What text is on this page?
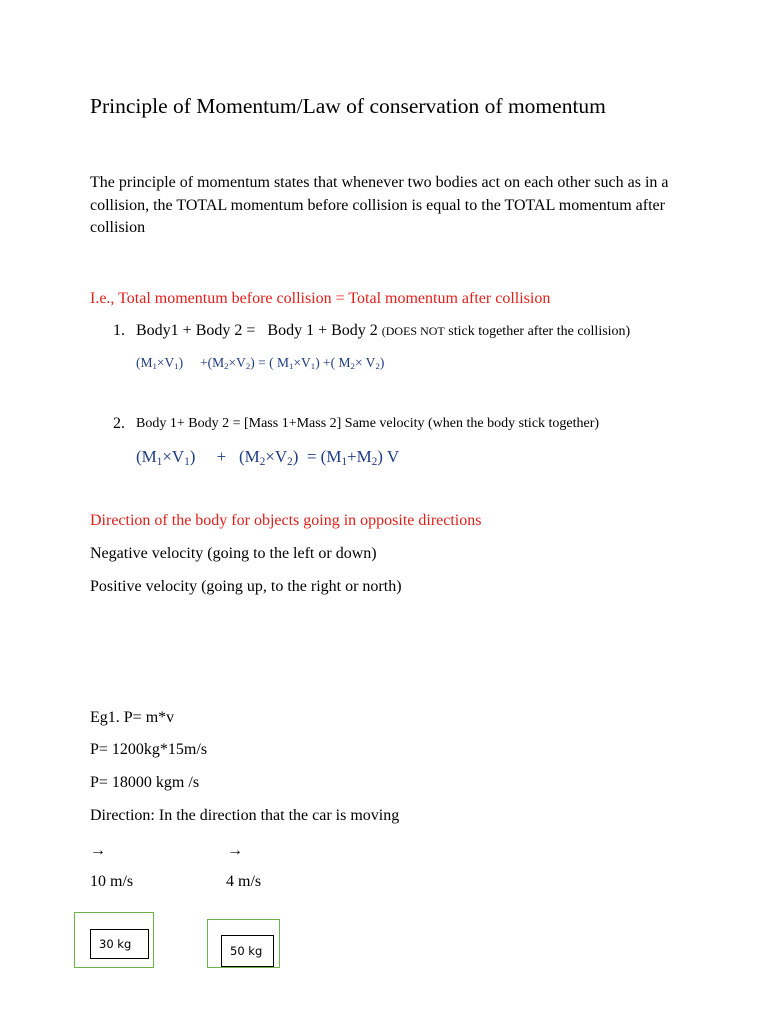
Principle of Momentum/Law of conservation of momentum
The principle of momentum states that whenever two bodies act on each other such as in a collision, the TOTAL momentum before collision is equal to the TOTAL momentum after collision
I.e., Total momentum before collision = Total momentum after collision
1. Body1 + Body 2 =   Body 1 + Body 2 (DOES NOT stick together after the collision)
$(M_1\times V_1)$     $+(M_2\times V_2)$ = ( $M_1\times V_1$) +( $M_2\times V_2$)
2. Body 1+ Body 2 = [Mass 1+Mass 2] Same velocity (when the body stick together)
$(M_1\times V_1)$     +   $(M_2\times V_2) = (M_1+M_2)$ V
Direction of the body for objects going in opposite directions
Negative velocity (going to the left or down)
Positive velocity (going up, to the right or north)
Eg1. P= m*v
P= 1200kg*15m/s
P= 18000 kgm /s
Direction: In the direction that the car is moving
→	→
10 m/s	4 m/s
30 kg	50 kg
